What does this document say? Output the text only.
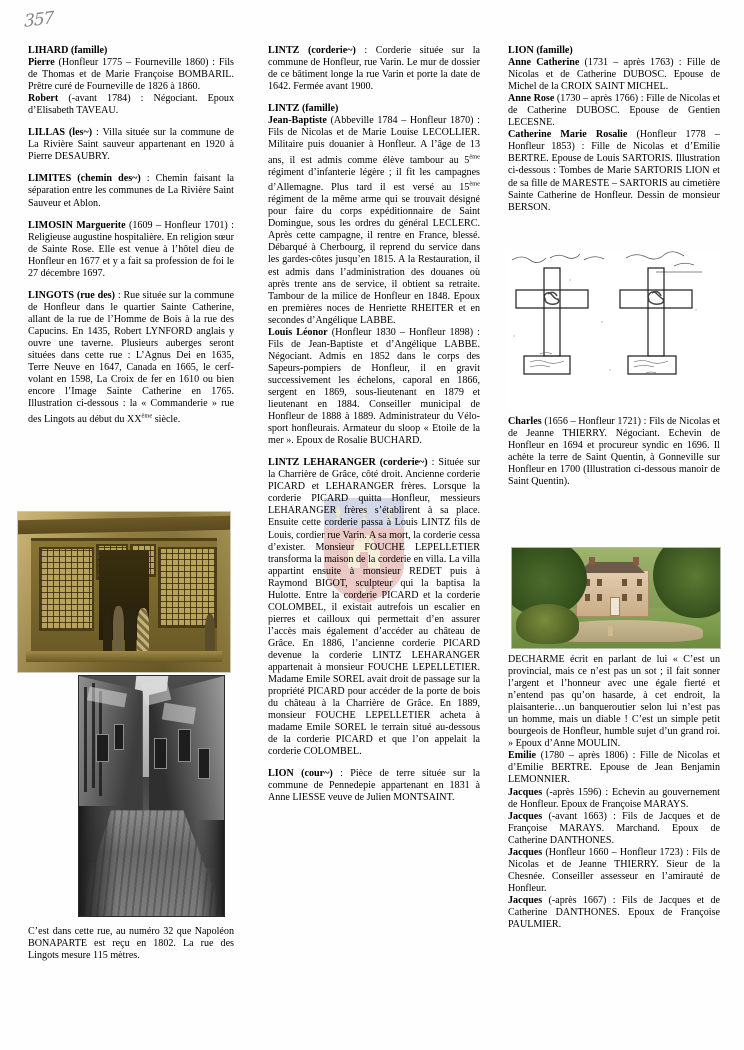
357

LIHARD (famille)

Pierre (Honfleur 1775 – Fourneville 1860) : Fils de Thomas et de Marie Françoise BOMBARIL. Prêtre curé de Fourneville de 1826 à 1860.

Robert (-avant 1784) : Négociant. Epoux d’Elisabeth TAVEAU.

LILLAS (les~) : Villa située sur la commune de La Rivière Saint sauveur appartenant en 1920 à Pierre DESAUBRY.

LIMITES (chemin des~) : Chemin faisant la séparation entre les communes de La Rivière Saint Sauveur et Ablon.

LIMOSIN Marguerite (1609 – Honfleur 1701) : Religieuse augustine hospitalière. En religion sœur de Sainte Rose. Elle est venue à l’hôtel dieu de Honfleur en 1677 et y a fait sa profession de foi le 27 décembre 1697.

LINGOTS (rue des) : Rue située sur la commune de Honfleur dans le quartier Sainte Catherine, allant de la rue de l’Homme de Bois à la rue des Capucins. En 1435, Robert LYNFORD anglais y ouvre une taverne. Plusieurs auberges seront situées dans cette rue : L’Agnus Dei en 1635, Terre Neuve en 1647, Canada en 1665, le cerf-volant en 1598, La Croix de fer en 1610 ou bien encore l’Image Sainte Catherine en 1765. Illustration ci-dessous : la « Commanderie » rue des Lingots au début du XXème siècle.

C’est dans cette rue, au numéro 32 que Napoléon BONAPARTE est reçu en 1802. La rue des Lingots mesure 115 mètres.

LINTZ (corderie~) : Corderie située sur la commune de Honfleur, rue Varin. Le mur de dossier de ce bâtiment longe la rue Varin et porte la date de 1642. Fermée avant 1900.

LINTZ (famille)

Jean-Baptiste (Abbeville 1784 – Honfleur 1870) : Fils de Nicolas et de Marie Louise LECOLLIER. Militaire puis douanier à Honfleur. A l’âge de 13 ans, il est admis comme élève tambour au 5ème régiment d’infanterie légère ; il fit les campagnes d’Allemagne. Plus tard il est versé au 15ème régiment de la même arme qui se trouvait désigné pour faire du corps expéditionnaire de Saint Domingue, sous les ordres du général LECLERC. Après cette campagne, il rentre en France, blessé. Débarqué à Cherbourg, il reprend du service dans les gardes-côtes jusqu’en 1815. A la Restauration, il est admis dans l’administration des douanes où après trente ans de service, il obtient sa retraite. Tambour de la milice de Honfleur en 1848. Epoux en premières noces de Henriette RHEITER et en secondes d’Angélique LABBE.

Louis Léonor (Honfleur 1830 – Honfleur 1898) : Fils de Jean-Baptiste et d’Angélique LABBE. Négociant. Admis en 1852 dans le corps des Sapeurs-pompiers de Honfleur, il en gravit successivement les échelons, caporal en 1866, sergent en 1869, sous-lieutenant en 1879 et lieutenant en 1884. Conseiller municipal de Honfleur de 1888 à 1889. Administrateur du Vélo-sport honfleurais. Armateur du sloop « Etoile de la mer ». Epoux de Rosalie BUCHARD.

LINTZ LEHARANGER (corderie~) : Située sur la Charrière de Grâce, côté droit. Ancienne corderie PICARD et LEHARANGER frères. Lorsque la corderie PICARD quitta Honfleur, messieurs LEHARANGER frères s’établirent à sa place. Ensuite cette corderie passa à Louis LINTZ fils de Louis, cordier rue Varin. A sa mort, la corderie cessa d’exister. Monsieur FOUCHE LEPELLETIER transforma la maison de la corderie en villa. La villa appartint ensuite à monsieur REDET puis à Raymond BIGOT, sculpteur qui la baptisa la Hulotte. Entre la corderie PICARD et la corderie COLOMBEL, il existait autrefois un escalier en pierres et cailloux qui permettait d’en assurer l’accès mais également d’accéder au château de Grâce. En 1886, l’ancienne corderie PICARD devenue la corderie LINTZ LEHARANGER appartenait à monsieur FOUCHE LEPELLETIER. Madame Emile SOREL avait droit de passage sur la propriété PICARD pour accéder de la porte de bois du château à la Charrière de Grâce. En 1889, monsieur FOUCHE LEPELLETIER acheta à madame Emile SOREL le terrain situé au-dessous de la corderie PICARD et que l’on appelait la corderie COLOMBEL.

LION (cour~) : Pièce de terre située sur la commune de Pennedepie appartenant en 1831 à Anne LIESSE veuve de Julien MONTSAINT.

LION (famille)

Anne Catherine (1731 – après 1763) : Fille de Nicolas et de Catherine DUBOSC. Epouse de Michel de la CROIX SAINT MICHEL.

Anne Rose (1730 – après 1766) : Fille de Nicolas et de Catherine DUBOSC. Epouse de Gentien LECESNE.

Catherine Marie Rosalie (Honfleur 1778 – Honfleur 1853) : Fille de Nicolas et d’Emilie BERTRE. Epouse de Louis SARTORIS. Illustration ci-dessous : Tombes de Marie SARTORIS LION et de sa fille de MARESTE – SARTORIS au cimetière Sainte Catherine de Honfleur. Dessin de monsieur BERSON.

Charles (1656 – Honfleur 1721) : Fils de Nicolas et de Jeanne THIERRY. Négociant. Echevin de Honfleur en 1694 et procureur syndic en 1696. Il achète la terre de Saint Quentin, à Gonneville sur Honfleur en 1700 (Illustration ci-dessous manoir de Saint Quentin).

DECHARME écrit en parlant de lui « C’est un provincial, mais ce n’est pas un sot ; il fait sonner l’argent et l’honneur avec une égale fierté et n’entend pas qu’on hasarde, à cet endroit, la plaisanterie…un banqueroutier selon lui n’est pas un homme, mais un diable ! C’est un simple petit bourgeois de Honfleur, humble sujet d’un grand roi. » Epoux d’Anne MOULIN.

Emilie (1780 – après 1806) : Fille de Nicolas et d’Emilie BERTRE. Epouse de Jean Benjamin LEMONNIER.

Jacques (-après 1596) : Echevin au gouvernement de Honfleur. Epoux de Françoise MARAYS.

Jacques (-avant 1663) : Fils de Jacques et de Françoise MARAYS. Marchand. Epoux de Catherine DANTHONES.

Jacques (Honfleur 1660 – Honfleur 1723) : Fils de Nicolas et de Jeanne THIERRY. Sieur de la Chesnée. Conseiller assesseur en l’amirauté de Honfleur.

Jacques (-après 1667) : Fils de Jacques et de Catherine DANTHONES. Epoux de Françoise PAULMIER.
